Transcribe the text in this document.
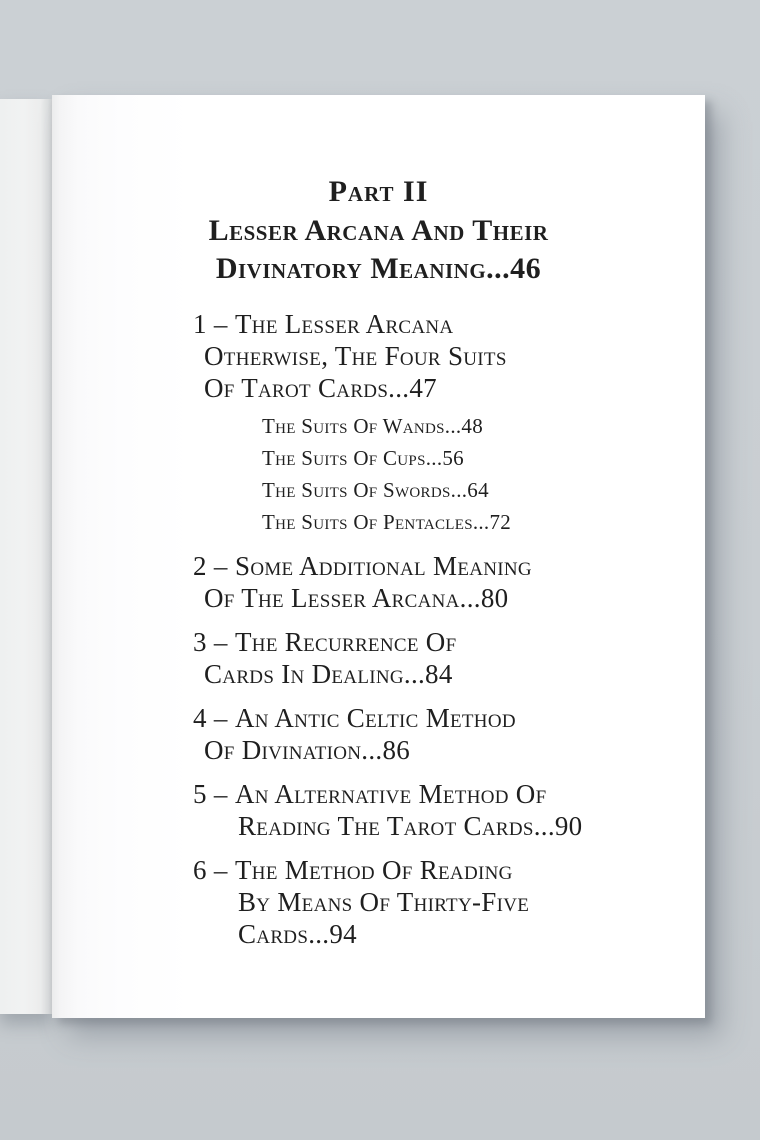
Part II
Lesser Arcana And Their
Divinatory Meaning...46
1 – The Lesser Arcana
Otherwise, The Four Suits
Of Tarot Cards...47
The Suits Of Wands...48
The Suits Of Cups...56
The Suits Of Swords...64
The Suits Of Pentacles...72
2 – Some Additional Meaning
Of The Lesser Arcana...80
3 – The Recurrence Of
Cards In Dealing...84
4 – An Antic Celtic Method
Of Divination...86
5 – An Alternative Method Of
Reading The Tarot Cards...90
6 – The Method Of Reading
By Means Of Thirty-Five
Cards...94
